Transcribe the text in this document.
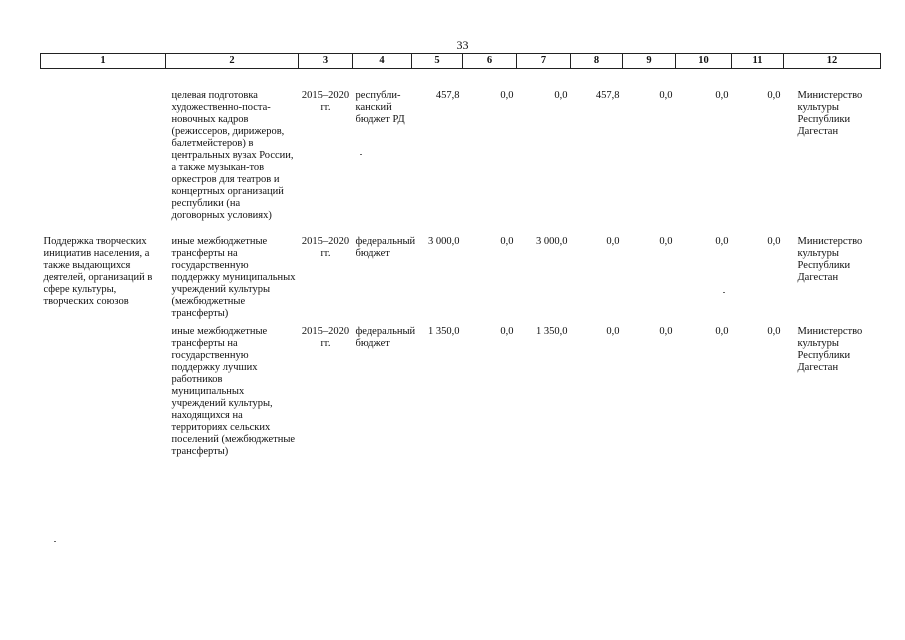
33
1	2	3	4	5	6	7	8	9	10	11	12
	целевая подготовка художественно-поста-новочных кадров (режиссеров, дирижеров, балетмейстеров) в центральных вузах России, а также музыкан-тов оркестров для театров и концертных организаций республики (на договорных условиях)	2015–2020 гг.	республи-канский бюджет РД	457,8	0,0	0,0	457,8	0,0	0,0	0,0	Министерство культуры Республики Дагестан
Поддержка творческих инициатив населения, а также выдающихся деятелей, организаций в сфере культуры, творческих союзов	иные межбюджетные трансферты на государственную поддержку муниципальных учреждений культуры (межбюджетные трансферты)	2015–2020 гг.	федеральный бюджет	3 000,0	0,0	3 000,0	0,0	0,0	0,0	0,0	Министерство культуры Республики Дагестан
	иные межбюджетные трансферты на государственную поддержку лучших работников муниципальных учреждений культуры, находящихся на территориях сельских поселений (межбюджетные трансферты)	2015–2020 гг.	федеральный бюджет	1 350,0	0,0	1 350,0	0,0	0,0	0,0	0,0	Министерство культуры Республики Дагестан
